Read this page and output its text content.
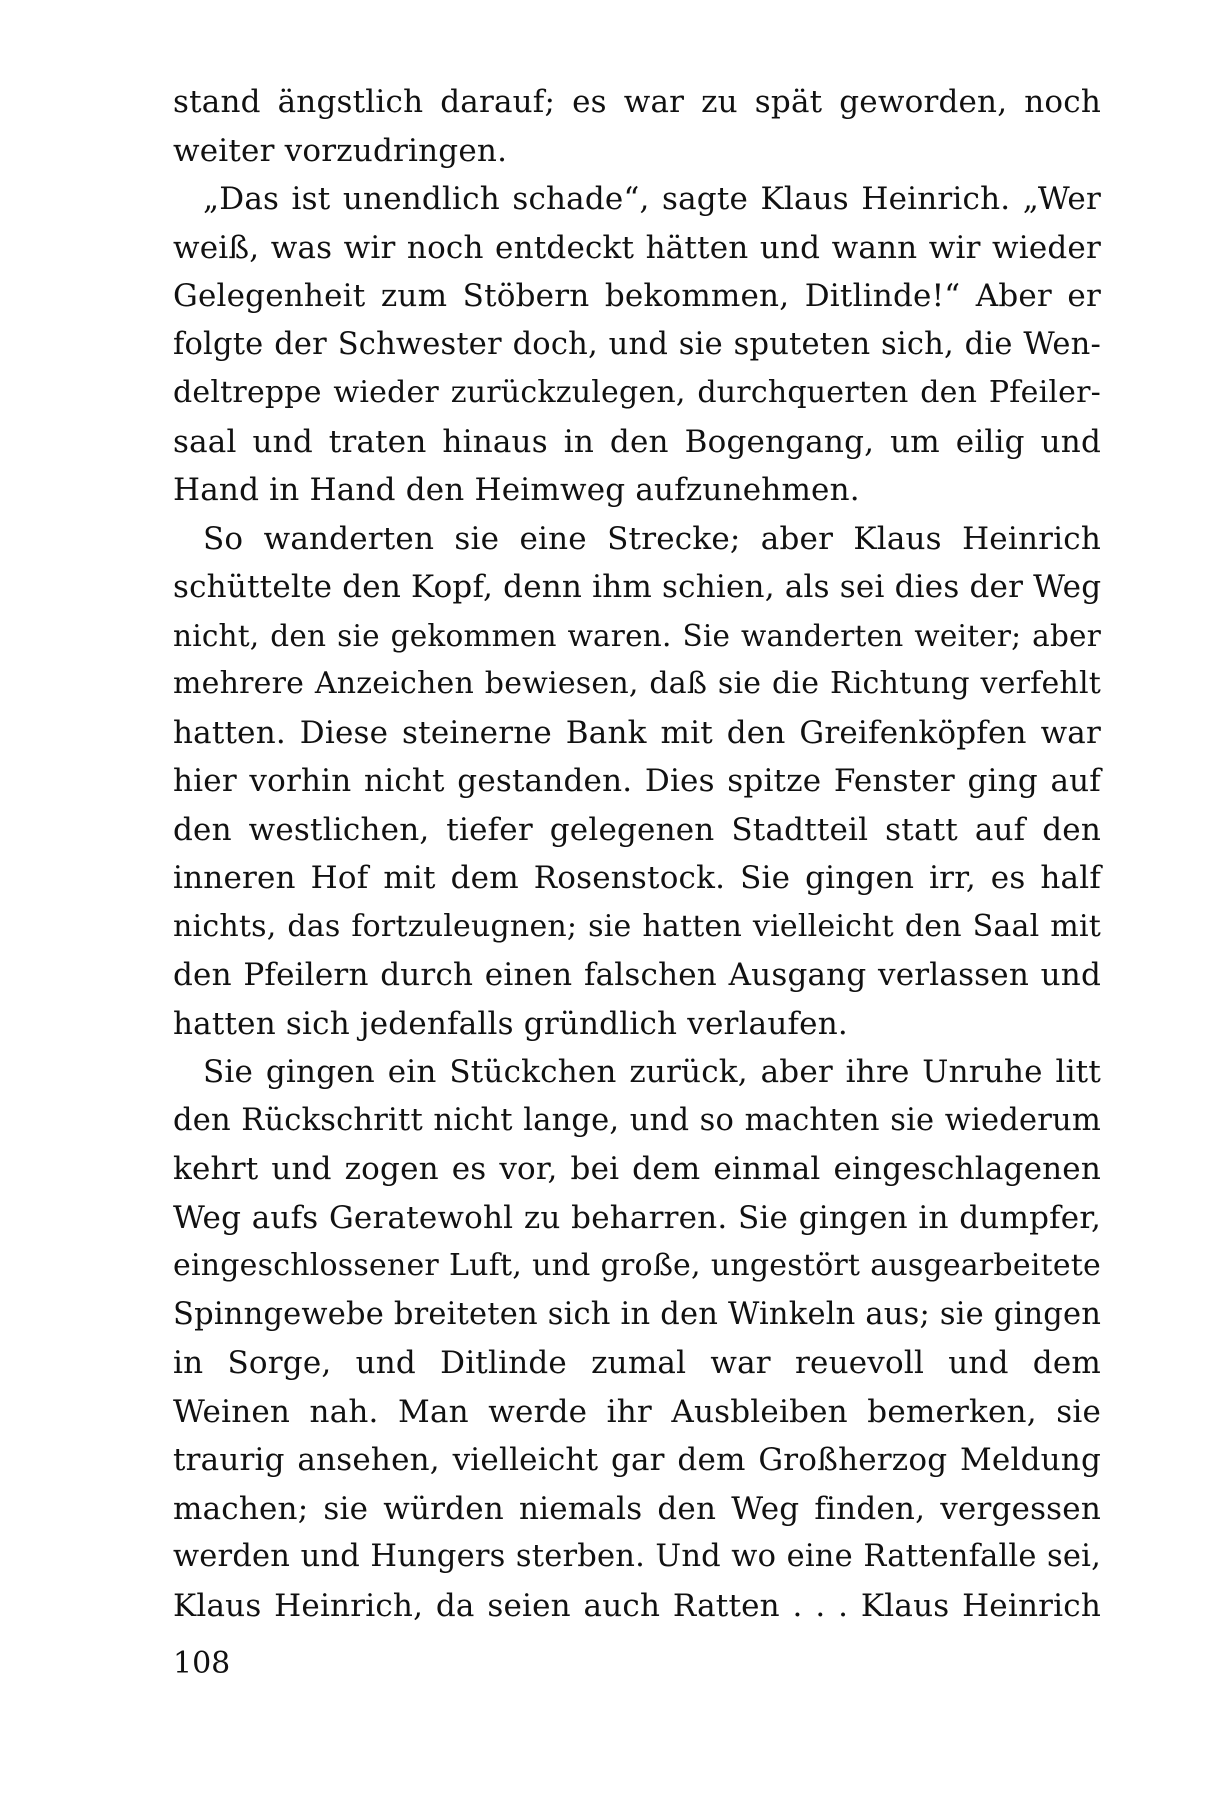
stand ängstlich darauf; es war zu spät geworden, noch

weiter vorzudringen.

„Das ist unendlich schade“, sagte Klaus Heinrich. „Wer

weiß, was wir noch entdeckt hätten und wann wir wieder

Gelegenheit zum Stöbern bekommen, Ditlinde!“ Aber er

folgte der Schwester doch, und sie sputeten sich, die Wen-

deltreppe wieder zurückzulegen, durchquerten den Pfeiler-

saal und traten hinaus in den Bogengang, um eilig und

Hand in Hand den Heimweg aufzunehmen.

So wanderten sie eine Strecke; aber Klaus Heinrich

schüttelte den Kopf, denn ihm schien, als sei dies der Weg

nicht, den sie gekommen waren. Sie wanderten weiter; aber

mehrere Anzeichen bewiesen, daß sie die Richtung verfehlt

hatten. Diese steinerne Bank mit den Greifenköpfen war

hier vorhin nicht gestanden. Dies spitze Fenster ging auf

den westlichen, tiefer gelegenen Stadtteil statt auf den

inneren Hof mit dem Rosenstock. Sie gingen irr, es half

nichts, das fortzuleugnen; sie hatten vielleicht den Saal mit

den Pfeilern durch einen falschen Ausgang verlassen und

hatten sich jedenfalls gründlich verlaufen.

Sie gingen ein Stückchen zurück, aber ihre Unruhe litt

den Rückschritt nicht lange, und so machten sie wiederum

kehrt und zogen es vor, bei dem einmal eingeschlagenen

Weg aufs Geratewohl zu beharren. Sie gingen in dumpfer,

eingeschlossener Luft, und große, ungestört ausgearbeitete

Spinngewebe breiteten sich in den Winkeln aus; sie gingen

in Sorge, und Ditlinde zumal war reuevoll und dem

Weinen nah. Man werde ihr Ausbleiben bemerken, sie

traurig ansehen, vielleicht gar dem Großherzog Meldung

machen; sie würden niemals den Weg finden, vergessen

werden und Hungers sterben. Und wo eine Rattenfalle sei,

Klaus Heinrich, da seien auch Ratten . . . Klaus Heinrich

108
